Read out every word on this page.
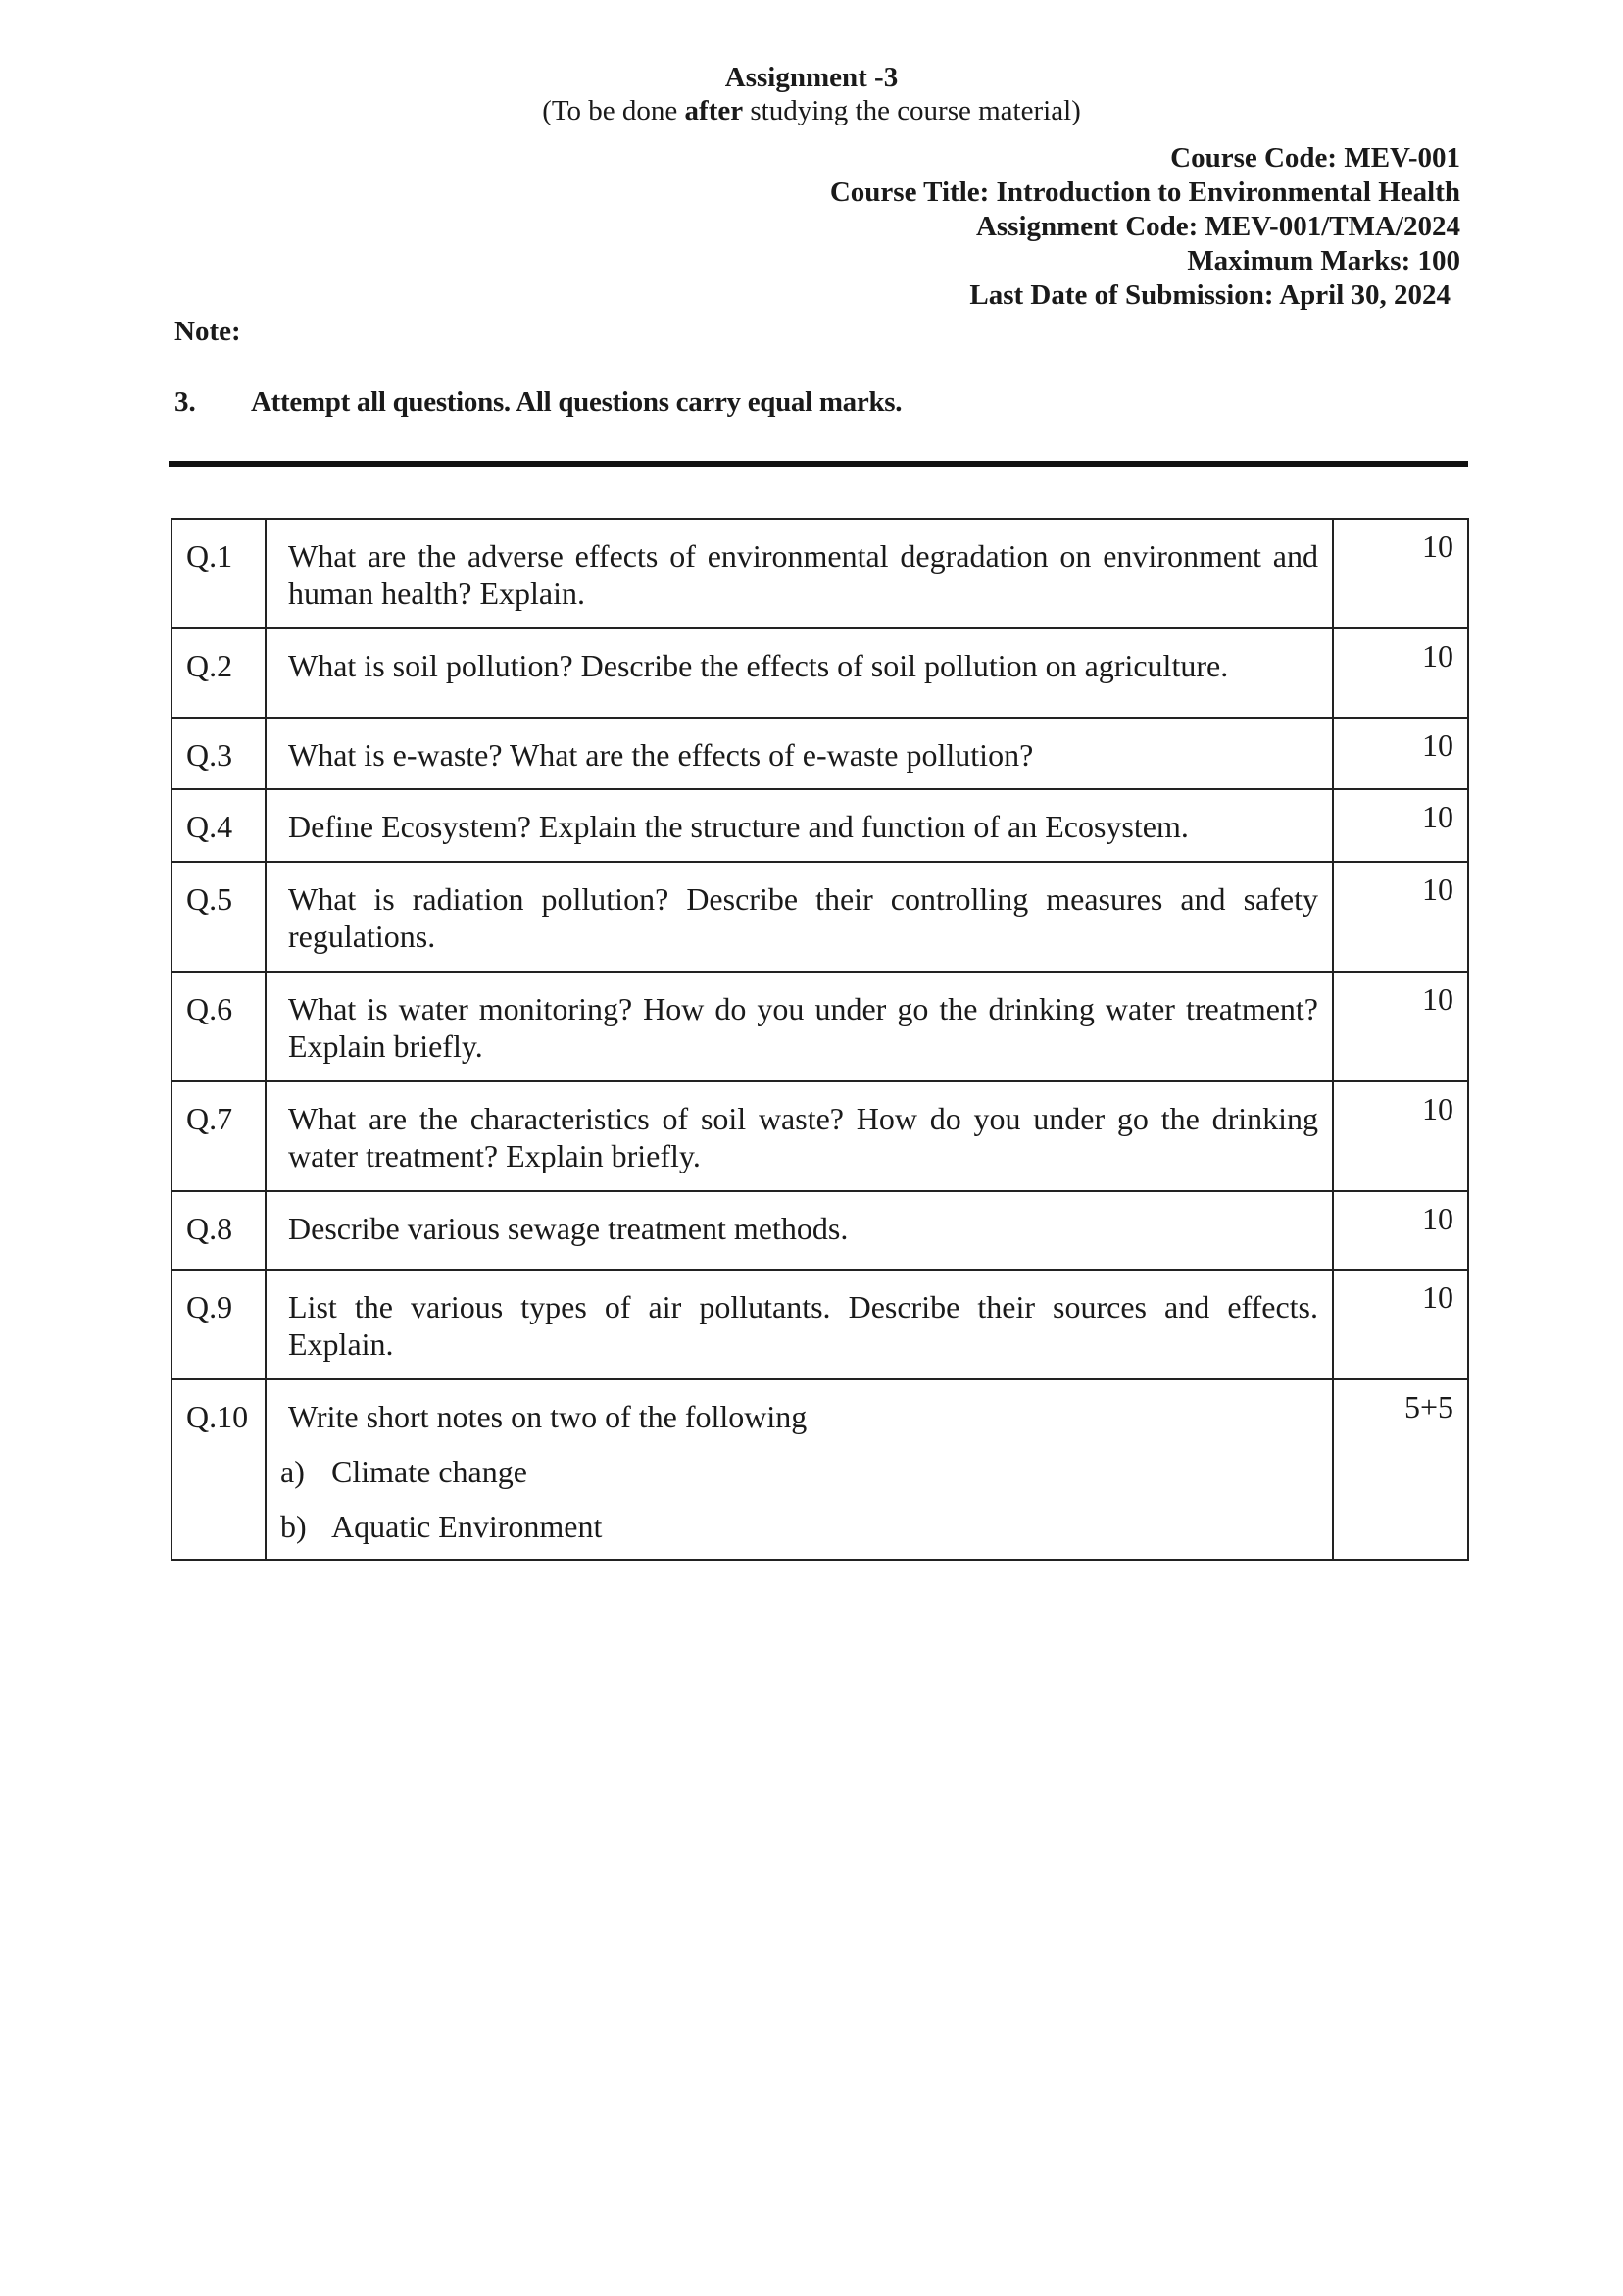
Assignment -3
(To be done after studying the course material)
Course Code: MEV-001
Course Title: Introduction to Environmental Health
Assignment Code: MEV-001/TMA/2024
Maximum Marks: 100
Last Date of Submission: April 30, 2024
Note:
3. Attempt all questions. All questions carry equal marks.
Q.1	What are the adverse effects of environmental degradation on environment and human health? Explain.	10
Q.2	What is soil pollution? Describe the effects of soil pollution on agriculture.	10
Q.3	What is e-waste? What are the effects of e-waste pollution?	10
Q.4	Define Ecosystem? Explain the structure and function of an Ecosystem.	10
Q.5	What is radiation pollution? Describe their controlling measures and safety regulations.	10
Q.6	What is water monitoring? How do you under go the drinking water treatment? Explain briefly.	10
Q.7	What are the characteristics of soil waste? How do you under go the drinking water treatment? Explain briefly.	10
Q.8	Describe various sewage treatment methods.	10
Q.9	List the various types of air pollutants. Describe their sources and effects. Explain.	10
Q.10	Write short notes on two of the following
a) Climate change
b) Aquatic Environment	5+5
